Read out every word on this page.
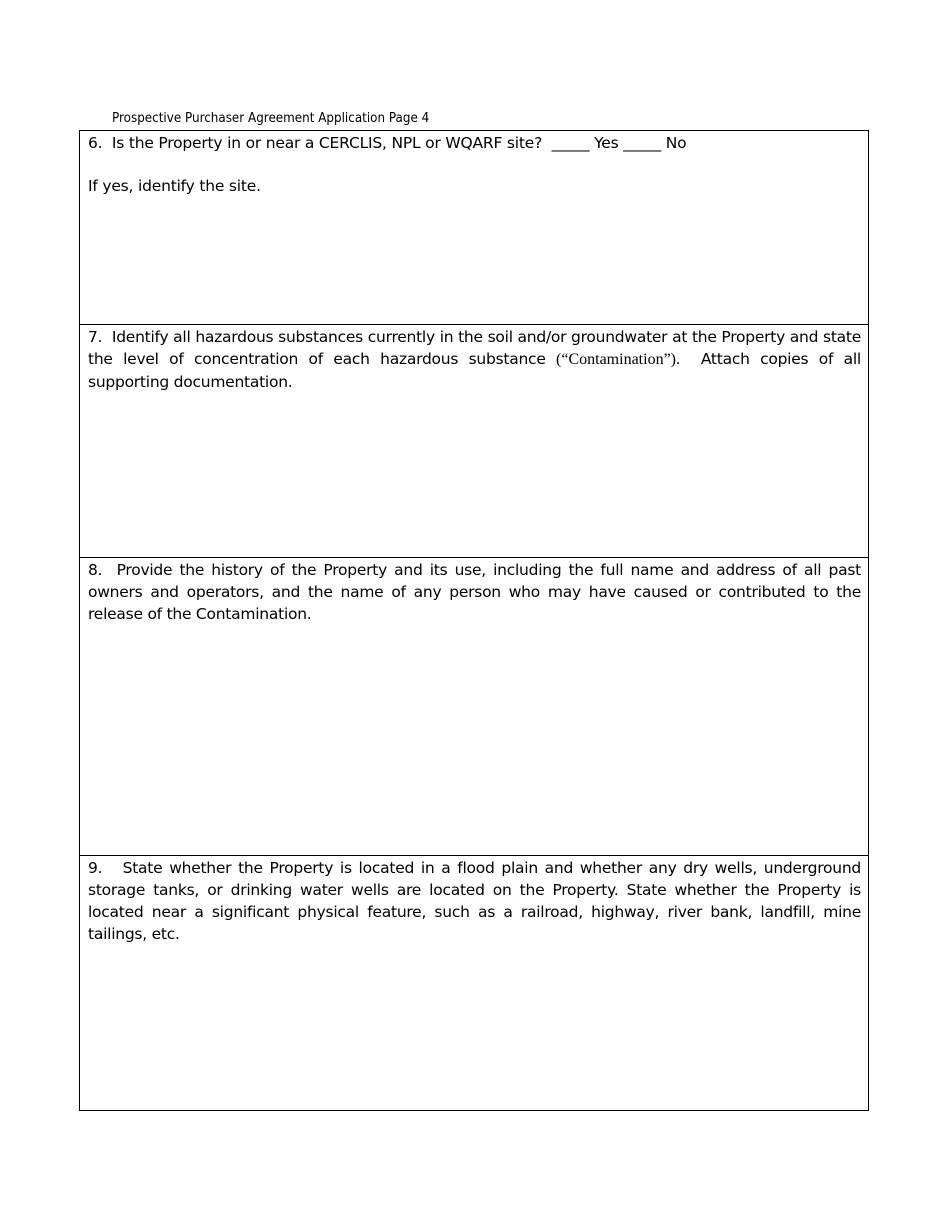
Prospective Purchaser Agreement Application Page 4
6. Is the Property in or near a CERCLIS, NPL or WQARF site? _____ Yes _____ No
If yes, identify the site.
7. Identify all hazardous substances currently in the soil and/or groundwater at the Property and state the level of concentration of each hazardous substance (“Contamination”). Attach copies of all supporting documentation.
8. Provide the history of the Property and its use, including the full name and address of all past owners and operators, and the name of any person who may have caused or contributed to the release of the Contamination.
9. State whether the Property is located in a flood plain and whether any dry wells, underground storage tanks, or drinking water wells are located on the Property. State whether the Property is located near a significant physical feature, such as a railroad, highway, river bank, landfill, mine tailings, etc.
